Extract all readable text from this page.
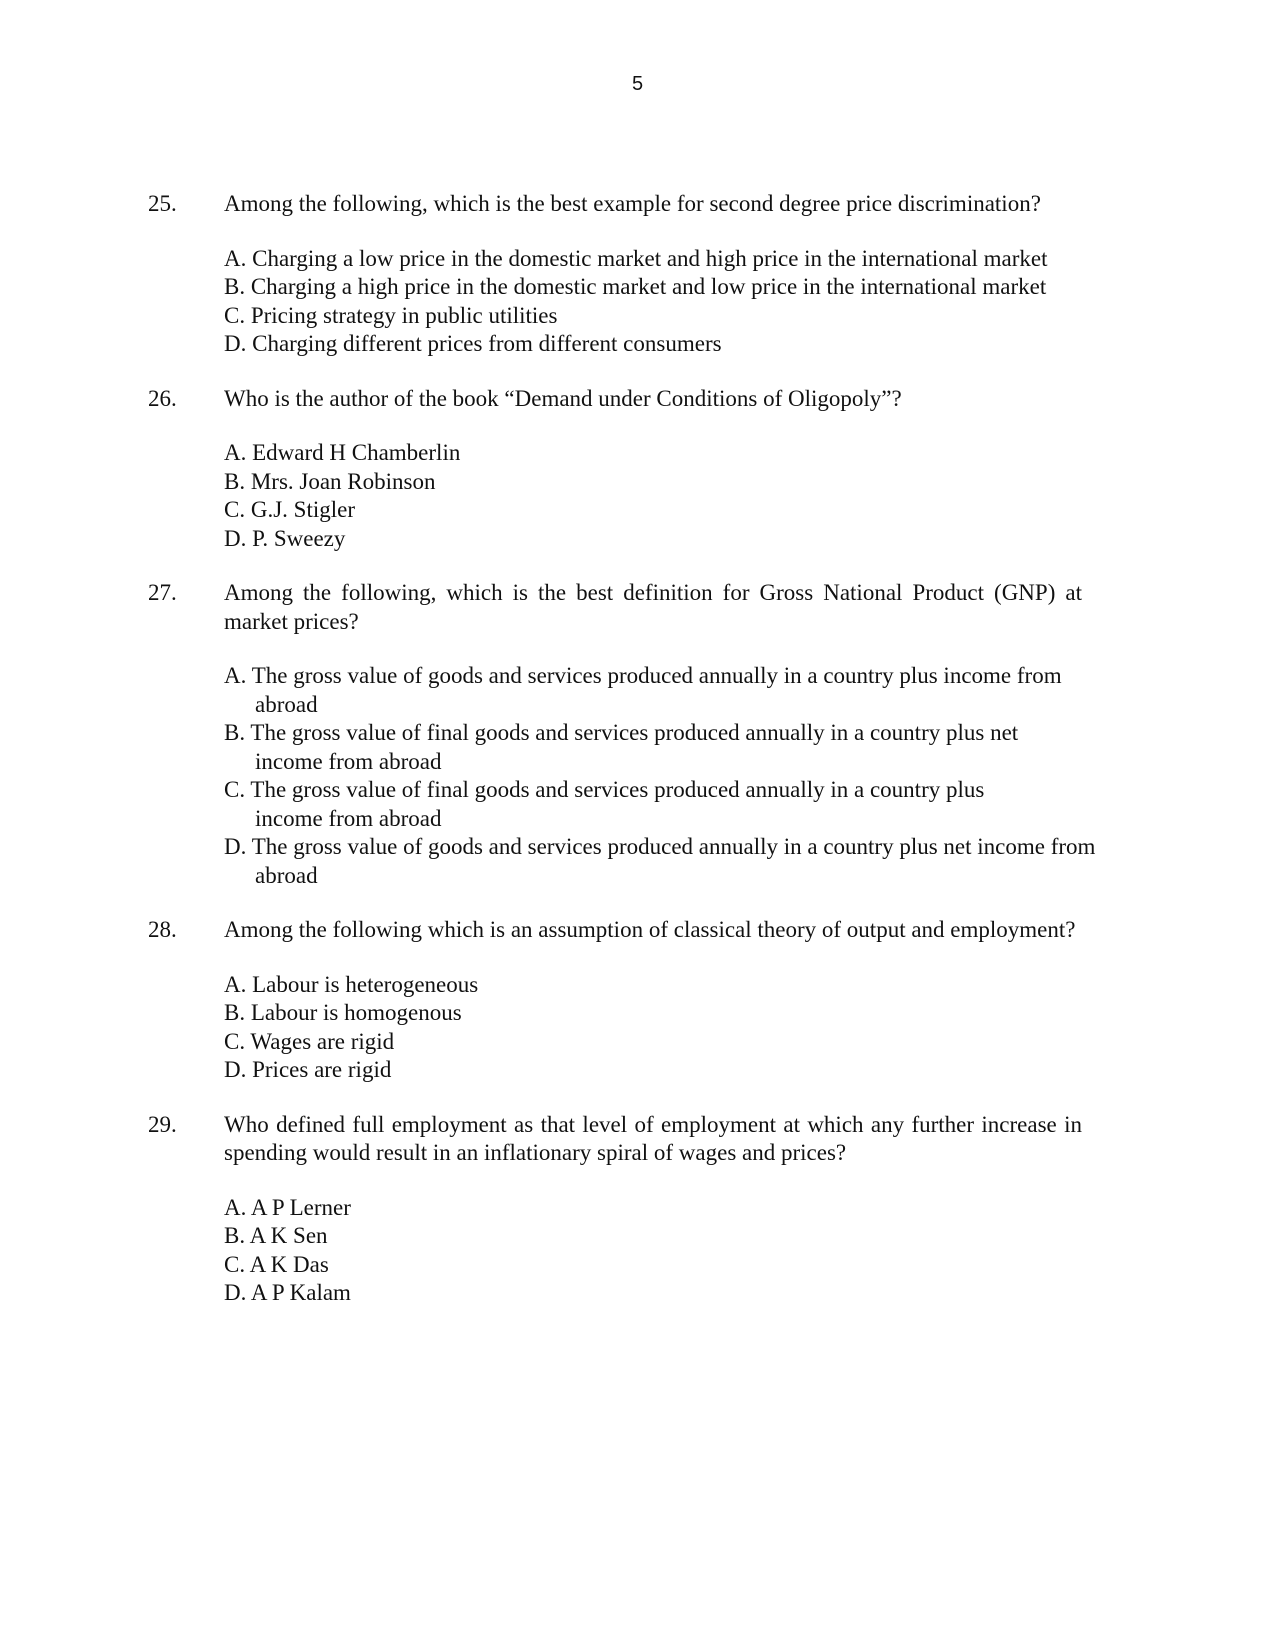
5
25. Among the following, which is the best example for second degree price discrimination?
A. Charging a low price in the domestic market and high price in the international market
B. Charging a high price in the domestic market and low price in the international market
C. Pricing strategy in public utilities
D. Charging different prices from different consumers
26. Who is the author of the book “Demand under Conditions of Oligopoly”?
A. Edward H Chamberlin
B. Mrs. Joan Robinson
C. G.J. Stigler
D. P. Sweezy
27. Among the following, which is the best definition for Gross National Product (GNP) at market prices?
A. The gross value of goods and services produced annually in a country plus income from abroad
B. The gross value of final goods and services produced annually in a country plus net income from abroad
C. The gross value of final goods and services produced annually in a country plus income from abroad
D. The gross value of goods and services produced annually in a country plus net income from abroad
28. Among the following which is an assumption of classical theory of output and employment?
A. Labour is heterogeneous
B. Labour is homogenous
C. Wages are rigid
D. Prices are rigid
29. Who defined full employment as that level of employment at which any further increase in spending would result in an inflationary spiral of wages and prices?
A. A P Lerner
B. A K Sen
C. A K Das
D. A P Kalam
